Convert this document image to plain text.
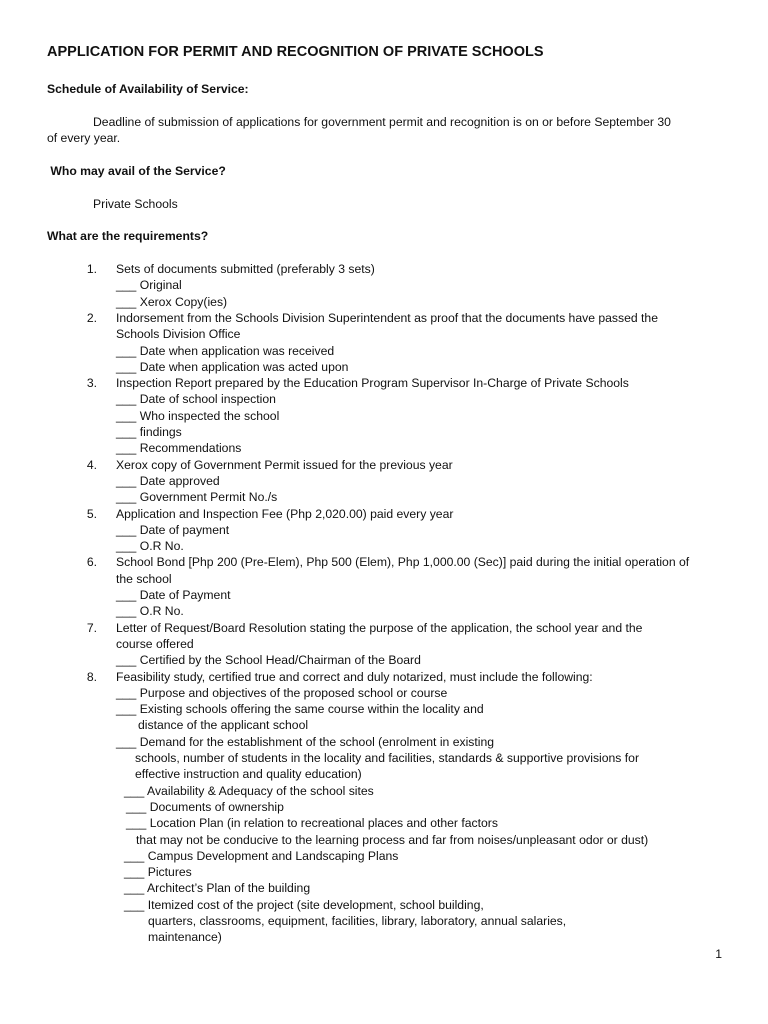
APPLICATION FOR PERMIT AND RECOGNITION OF PRIVATE SCHOOLS
Schedule of Availability of Service:
Deadline of submission of applications for government permit and recognition is on or before September 30
of every year.
Who may avail of the Service?
Private Schools
What are the requirements?
1. Sets of documents submitted (preferably 3 sets)
___ Original
___ Xerox Copy(ies)
2. Indorsement from the Schools Division Superintendent as proof that the documents have passed the
Schools Division Office
___ Date when application was received
___ Date when application was acted upon
3. Inspection Report prepared by the Education Program Supervisor In-Charge of Private Schools
___ Date of school inspection
___ Who inspected the school
___ findings
___ Recommendations
4. Xerox copy of Government Permit issued for the previous year
___ Date approved
___ Government Permit No./s
5. Application and Inspection Fee (Php 2,020.00) paid every year
___ Date of payment
___ O.R No.
6. School Bond [Php 200 (Pre-Elem), Php 500 (Elem), Php 1,000.00 (Sec)] paid during the initial operation of
the school
___ Date of Payment
___ O.R No.
7. Letter of Request/Board Resolution stating the purpose of the application, the school year and the
course offered
___ Certified by the School Head/Chairman of the Board
8. Feasibility study, certified true and correct and duly notarized, must include the following:
___ Purpose and objectives of the proposed school or course
___ Existing schools offering the same course within the locality and
distance of the applicant school
___ Demand for the establishment of the school (enrolment in existing
schools, number of students in the locality and facilities, standards & supportive provisions for
effective instruction and quality education)
___ Availability & Adequacy of the school sites
___ Documents of ownership
___ Location Plan (in relation to recreational places and other factors
that may not be conducive to the learning process and far from noises/unpleasant odor or dust)
___ Campus Development and Landscaping Plans
___ Pictures
___ Architect’s Plan of the building
___ Itemized cost of the project (site development, school building,
quarters, classrooms, equipment, facilities, library, laboratory, annual salaries,
maintenance)
1
